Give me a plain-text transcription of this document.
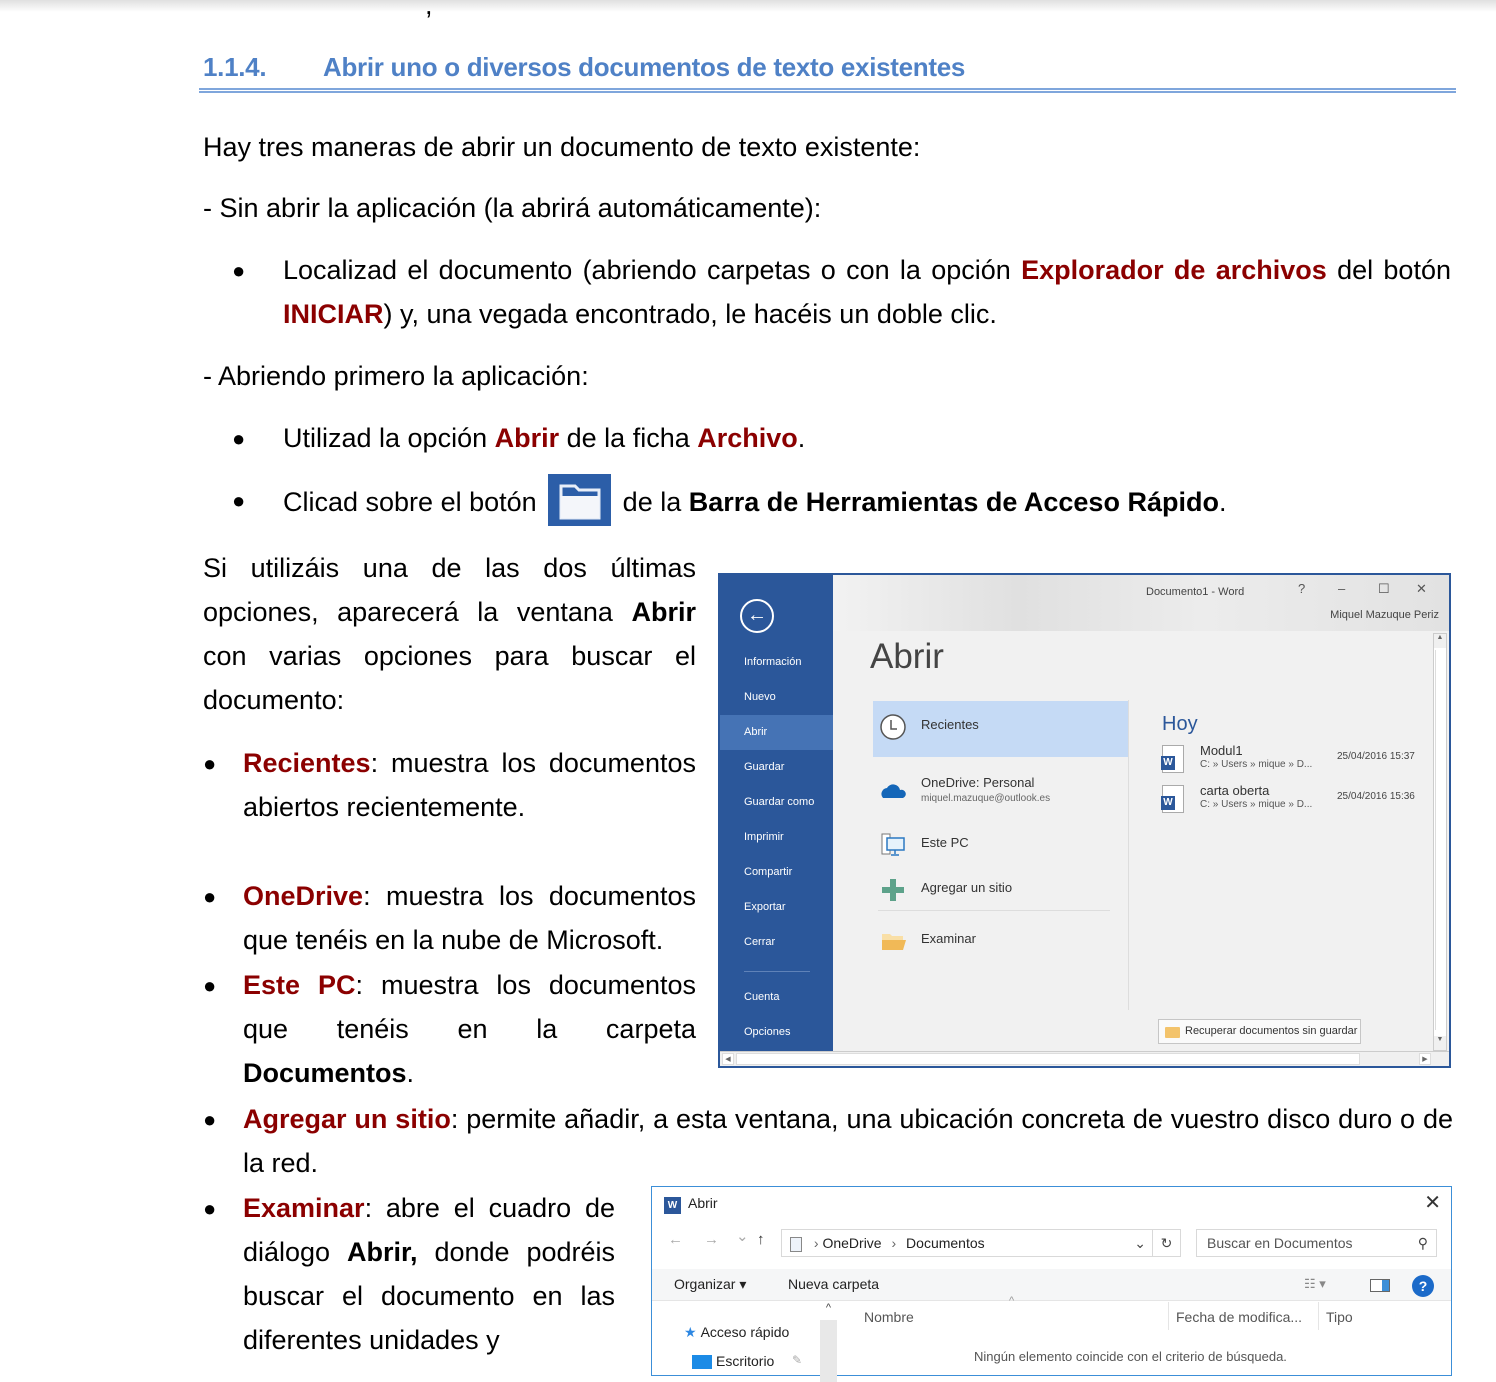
,
1.1.4. Abrir uno o diversos documentos de texto existentes
Hay tres maneras de abrir un documento de texto existente:
- Sin abrir la aplicación (la abrirá automáticamente):
● Localizad el documento (abriendo carpetas o con la opción Explorador de archivos del botón INICIAR) y, una vegada encontrado, le hacéis un doble clic.
- Abriendo primero la aplicación:
● Utilizad la opción Abrir de la ficha Archivo.
● Clicad sobre el botón	de la Barra de Herramientas de Acceso Rápido.
Si utilizáis una de las dos últimas opciones, aparecerá la ventana Abrir con varias opciones para buscar el documento:
● Recientes: muestra los documentos abiertos recientemente.
● OneDrive: muestra los documentos que tenéis en la nube de Microsoft.
● Este PC: muestra los documentos que tenéis en la carpeta Documentos.
● Agregar un sitio: permite añadir, a esta ventana, una ubicación concreta de vuestro disco duro o de la red.
● Examinar: abre el cuadro de diálogo Abrir, donde podréis buscar el documento en las diferentes unidades y
←
Información
Nuevo
Abrir
Guardar
Guardar como
Imprimir
Compartir
Exportar
Cerrar
Cuenta
Opciones
Documento1 - Word	?	–	☐ ✕
Miquel Mazuque Periz
Abrir
Recientes
OneDrive: Personal
miquel.mazuque@outlook.es
Este PC
Agregar un sitio
Examinar
Hoy
W
Modul1
C: » Users » mique » D...
25/04/2016 15:37
W
carta oberta
C: » Users » mique » D...
25/04/2016 15:36
Recuperar documentos sin guardar
▲
▼
◀	▶
W Abrir	✕
← → ⌄ ↑	› OneDrive › Documentos	⌄	↻	Buscar en Documentos	⚲
Organizar ▾	Nueva carpeta	☷ ▾	?
★ Acceso rápido
Escritorio ✎
^
^
Nombre	Fecha de modifica... Tipo
Ningún elemento coincide con el criterio de búsqueda.
